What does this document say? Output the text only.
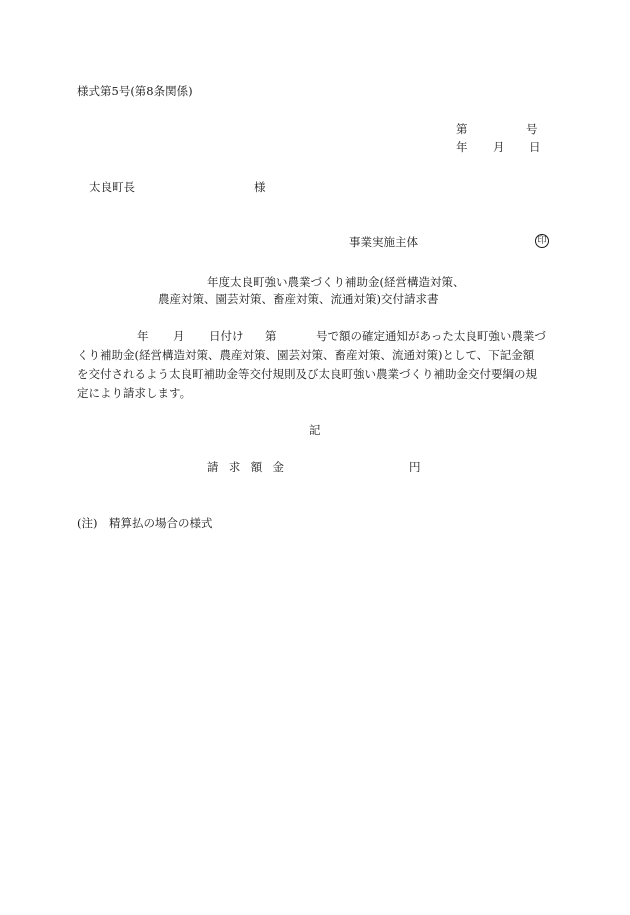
様式第5号(第8条関係)
第	号
年 月 日
太良町長	様
事業実施主体	印
年度太良町強い農業づくり補助金(経営構造対策、
農産対策、園芸対策、畜産対策、流通対策)交付請求書
年 月 日付け 第	号で額の確定通知があった太良町強い農業づ
くり補助金(経営構造対策、農産対策、園芸対策、畜産対策、流通対策)として、下記金額
を交付されるよう太良町補助金等交付規則及び太良町強い農業づくり補助金交付要綱の規
定により請求します。
記
請求額金	円
(注)　精算払の場合の様式
